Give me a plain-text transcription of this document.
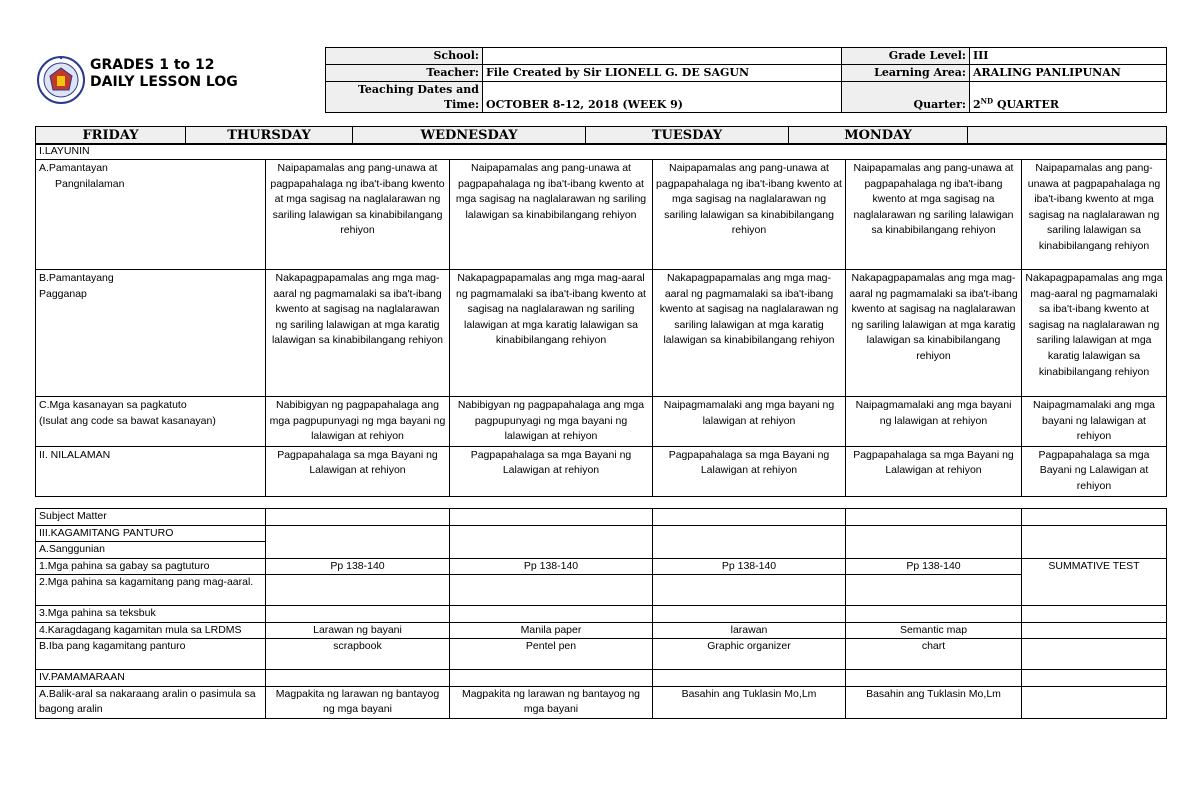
GRADES 1 to 12
DAILY LESSON LOG
School:		Grade Level:	III
Teacher:	File Created by Sir LIONELL G. DE SAGUN	Learning Area:	ARALING PANLIPUNAN

Teaching Dates and
Time:	OCTOBER 8-12, 2018 (WEEK 9)	Quarter:	2ND QUARTER
FRIDAY	THURSDAY	WEDNESDAY	TUESDAY	MONDAY	
I.LAYUNIN					
A.Pamantayan
Pangnilalaman	Naipapamalas ang pang-unawa at pagpapahalaga ng iba't-ibang kwento at mga sagisag na naglalarawan ng sariling lalawigan sa kinabibilangang rehiyon	Naipapamalas ang pang-unawa at pagpapahalaga ng iba't-ibang kwento at mga sagisag na naglalarawan ng sariling lalawigan sa kinabibilangang rehiyon	Naipapamalas ang pang-unawa at pagpapahalaga ng iba't-ibang kwento at mga sagisag na naglalarawan ng sariling lalawigan sa kinabibilangang rehiyon	Naipapamalas ang pang-unawa at pagpapahalaga ng iba't-ibang kwento at mga sagisag na naglalarawan ng sariling lalawigan sa kinabibilangang rehiyon	Naipapamalas ang pang-unawa at pagpapahalaga ng iba't-ibang kwento at mga sagisag na naglalarawan ng sariling lalawigan sa kinabibilangang rehiyon

B.Pamantayang
Pagganap	Nakapagpapamalas ang mga mag-aaral ng pagmamalaki sa iba't-ibang kwento at sagisag na naglalarawan ng sariling lalawigan at mga karatig lalawigan sa kinabibilangang rehiyon	Nakapagpapamalas ang mga mag-aaral ng pagmamalaki sa iba't-ibang kwento at sagisag na naglalarawan ng sariling lalawigan at mga karatig lalawigan sa kinabibilangang rehiyon	Nakapagpapamalas ang mga mag-aaral ng pagmamalaki sa iba't-ibang kwento at sagisag na naglalarawan ng sariling lalawigan at mga karatig lalawigan sa kinabibilangang rehiyon	Nakapagpapamalas ang mga mag-aaral ng pagmamalaki sa iba't-ibang kwento at sagisag na naglalarawan ng sariling lalawigan at mga karatig lalawigan sa kinabibilangang rehiyon	Nakapagpapamalas ang mga mag-aaral ng pagmamalaki sa iba't-ibang kwento at sagisag na naglalarawan ng sariling lalawigan at mga karatig lalawigan sa kinabibilangang rehiyon

C.Mga kasanayan sa pagkatuto
(Isulat ang code sa bawat kasanayan)	Nabibigyan ng pagpapahalaga ang mga pagpupunyagi ng mga bayani ng lalawigan at rehiyon	Nabibigyan ng pagpapahalaga ang mga pagpupunyagi ng mga bayani ng lalawigan at rehiyon	Naipagmamalaki ang mga bayani ng lalawigan at rehiyon	Naipagmamalaki ang mga bayani ng lalawigan at rehiyon	Naipagmamalaki ang mga bayani ng lalawigan at rehiyon
II. NILALAMAN	Pagpapahalaga sa mga Bayani ng Lalawigan at rehiyon	Pagpapahalaga sa mga Bayani ng Lalawigan at rehiyon	Pagpapahalaga sa mga Bayani ng Lalawigan at rehiyon	Pagpapahalaga sa mga Bayani ng Lalawigan at rehiyon	Pagpapahalaga sa mga Bayani ng Lalawigan at rehiyon
Subject Matter					
III.KAGAMITANG PANTURO					
A.Sanggunian					
1.Mga pahina sa gabay sa pagtuturo	Pp 138-140	Pp 138-140	Pp 138-140	Pp 138-140	SUMMATIVE TEST
2.Mga pahina sa kagamitang pang mag-aaral.					
3.Mga pahina sa teksbuk					
4.Karagdagang kagamitan mula sa LRDMS	Larawan ng bayani	Manila paper	larawan	Semantic map	
B.Iba pang kagamitang panturo	scrapbook	Pentel pen	Graphic organizer	chart	
IV.PAMAMARAAN					
A.Balik-aral sa nakaraang aralin o pasimula sa bagong aralin	Magpakita ng larawan ng bantayog ng mga bayani	Magpakita ng larawan ng bantayog ng mga bayani	Basahin ang Tuklasin Mo,Lm	Basahin ang Tuklasin Mo,Lm	
